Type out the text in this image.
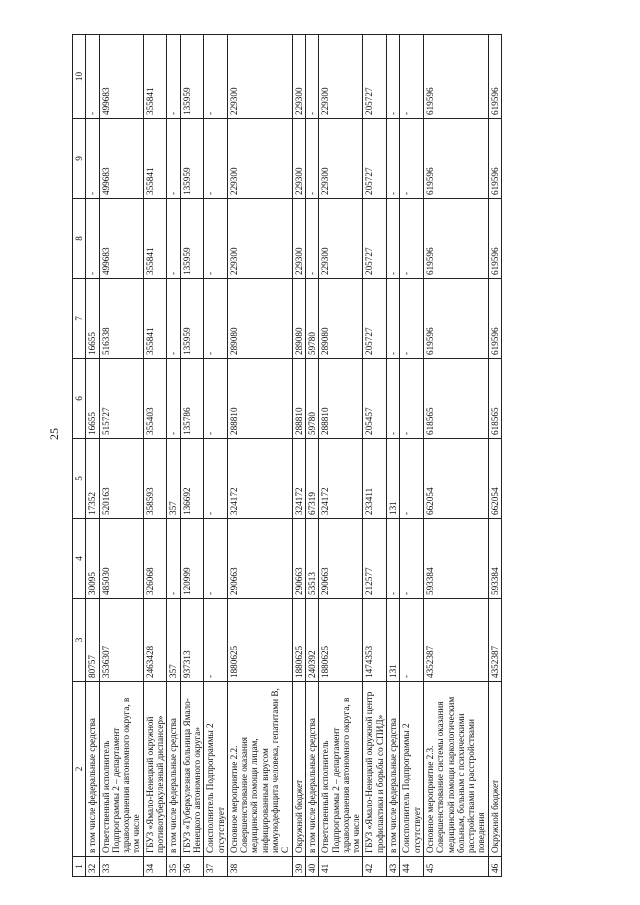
25
1	2	3	4	5	6	7	8	9	10
32	в том числе федеральные средства	80757	30095	17352	16655	16655	-	-	-
33	Ответственный исполнитель Подпрограммы 2 – департамент здравоохранения автономного округа, в том числе	3536307	485030	520163	515727	516338	499683	499683	499683
34	ГБУЗ «Ямало-Ненецкий окружной противотуберкулезный диспансер»	2463428	326068	358593	355403	355841	355841	355841	355841
35	в том числе федеральные средства	357	-	357	-	-	-	-	-
36	ГБУЗ «Туберкулезная больница Ямало-Ненецкого автономного округа»	937313	120999	136692	135786	135959	135959	135959	135959
37	Соисполнитель Подпрограммы 2 отсутствует	-	-	-	-	-	-	-	-
38	Основное мероприятие 2.2. Совершенствование оказания медицинской помощи лицам, инфицированным вирусом иммунодефицита человека, гепатитами B, C	1880625	290663	324172	288810	289080	229300	229300	229300
39	Окружной бюджет	1880625	290663	324172	288810	289080	229300	229300	229300
40	в том числе федеральные средства	240392	53513	67319	59780	59780	-	-	-
41	Ответственный исполнитель Подпрограммы 2 – департамент здравоохранения автономного округа, в том числе	1880625	290663	324172	288810	289080	229300	229300	229300
42	ГБУЗ «Ямало-Ненецкий окружной центр профилактики и борьбы со СПИД»	1474353	212577	233411	205457	205727	205727	205727	205727
43	в том числе федеральные средства	131	-	131	-	-	-	-	-
44	Соисполнитель Подпрограммы 2 отсутствует	-	-	-	-	-	-	-	-
45	Основное мероприятие 2.3. Совершенствование системы оказания медицинской помощи наркологическим больным, больным с психическими расстройствами и расстройствами поведения	4352387	593384	662054	618565	619596	619596	619596	619596
46	Окружной бюджет	4352387	593384	662054	618565	619596	619596	619596	619596
